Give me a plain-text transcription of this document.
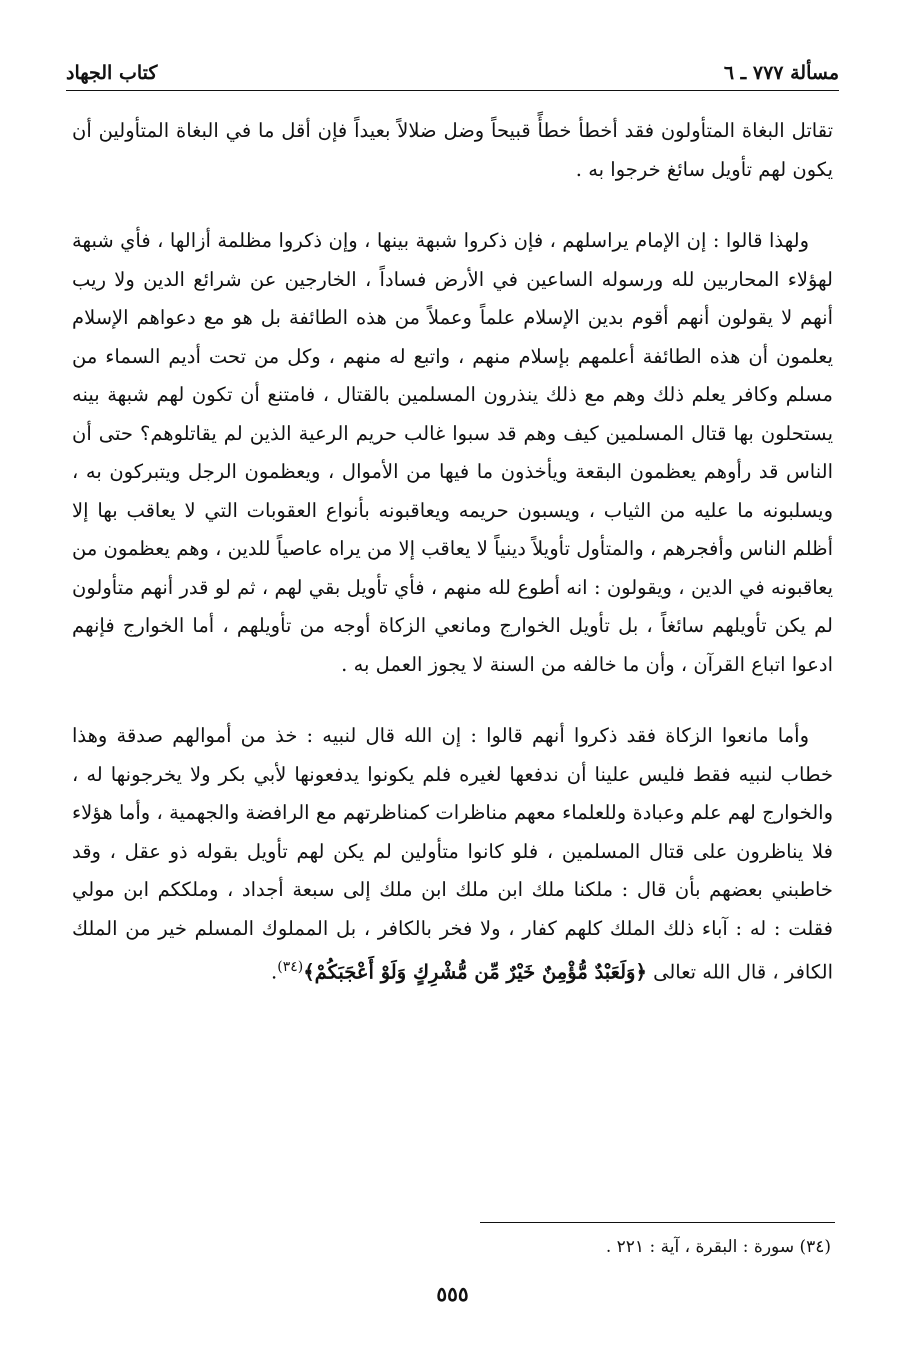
مسألة ٧٧٧ ـ ٦
كتاب الجهاد

تقاتل البغاة المتأولون فقد أخطأ خطأً قبيحاً وضل ضلالاً بعيداً فإن أقل ما في البغاة المتأولين أن يكون لهم تأويل سائغ خرجوا به .

ولهذا قالوا : إن الإمام يراسلهم ، فإن ذكروا شبهة بينها ، وإن ذكروا مظلمة أزالها ، فأي شبهة لهؤلاء المحاربين لله ورسوله الساعين في الأرض فساداً ، الخارجين عن شرائع الدين ولا ريب أنهم لا يقولون أنهم أقوم بدين الإسلام علماً وعملاً من هذه الطائفة بل هو مع دعواهم الإسلام يعلمون أن هذه الطائفة أعلمهم بإسلام منهم ، واتبع له منهم ، وكل من تحت أديم السماء من مسلم وكافر يعلم ذلك وهم مع ذلك ينذرون المسلمين بالقتال ، فامتنع أن تكون لهم شبهة بينه يستحلون بها قتال المسلمين كيف وهم قد سبوا غالب حريم الرعية الذين لم يقاتلوهم؟ حتى أن الناس قد رأوهم يعظمون البقعة ويأخذون ما فيها من الأموال ، ويعظمون الرجل ويتبركون به ، ويسلبونه ما عليه من الثياب ، ويسبون حريمه ويعاقبونه بأنواع العقوبات التي لا يعاقب بها إلا أظلم الناس وأفجرهم ، والمتأول تأويلاً دينياً لا يعاقب إلا من يراه عاصياً للدين ، وهم يعظمون من يعاقبونه في الدين ، ويقولون : انه أطوع لله منهم ، فأي تأويل بقي لهم ، ثم لو قدر أنهم متأولون لم يكن تأويلهم سائغاً ، بل تأويل الخوارج ومانعي الزكاة أوجه من تأويلهم ، أما الخوارج فإنهم ادعوا اتباع القرآن ، وأن ما خالفه من السنة لا يجوز العمل به .

وأما مانعوا الزكاة فقد ذكروا أنهم قالوا : إن الله قال لنبيه : خذ من أموالهم صدقة وهذا خطاب لنبيه فقط فليس علينا أن ندفعها لغيره فلم يكونوا يدفعونها لأبي بكر ولا يخرجونها له ، والخوارج لهم علم وعبادة وللعلماء معهم مناظرات كمناظرتهم مع الرافضة والجهمية ، وأما هؤلاء فلا يناظرون على قتال المسلمين ، فلو كانوا متأولين لم يكن لهم تأويل بقوله ذو عقل ، وقد خاطبني بعضهم بأن قال : ملكنا ملك ابن ملك ابن ملك إلى سبعة أجداد ، وملككم ابن مولي فقلت : له : آباء ذلك الملك كلهم كفار ، ولا فخر بالكافر ، بل المملوك المسلم خير من الملك الكافر ، قال الله تعالى ﴿وَلَعَبْدٌ مُّؤْمِنٌ خَيْرٌ مِّن مُّشْرِكٍ وَلَوْ أَعْجَبَكُمْ﴾$^{(٣٤)}$.

(٣٤) سورة : البقرة ، آية : ٢٢١ .
٥٥٥
